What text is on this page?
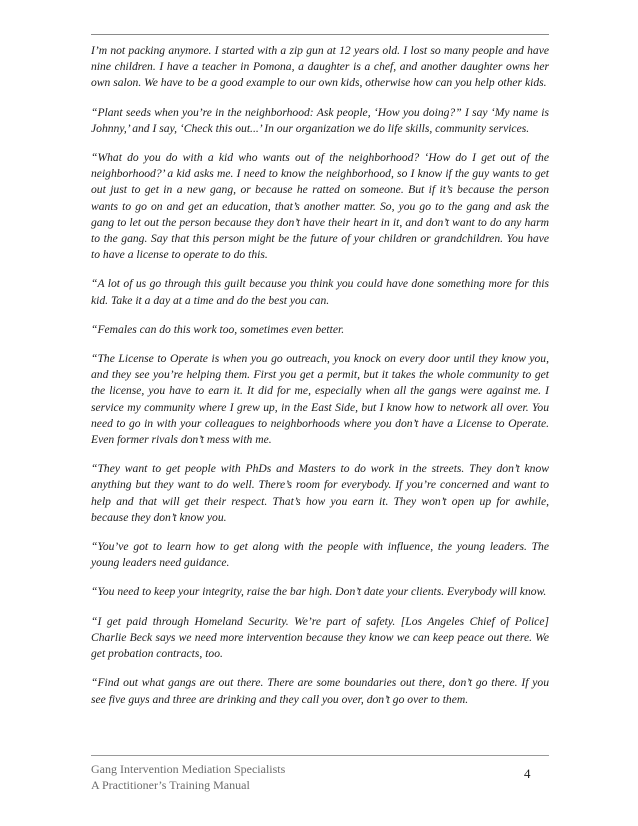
I’m not packing anymore. I started with a zip gun at 12 years old. I lost so many people and have nine children. I have a teacher in Pomona, a daughter is a chef, and another daughter owns her own salon. We have to be a good example to our own kids, otherwise how can you help other kids.

“Plant seeds when you’re in the neighborhood: Ask people, ‘How you doing?” I say ‘My name is Johnny,’ and I say, ‘Check this out...’ In our organization we do life skills, community services.

“What do you do with a kid who wants out of the neighborhood? ‘How do I get out of the neighborhood?’ a kid asks me. I need to know the neighborhood, so I know if the guy wants to get out just to get in a new gang, or because he ratted on someone. But if it’s because the person wants to go on and get an education, that’s another matter. So, you go to the gang and ask the gang to let out the person because they don’t have their heart in it, and don’t want to do any harm to the gang. Say that this person might be the future of your children or grandchildren. You have to have a license to operate to do this.

“A lot of us go through this guilt because you think you could have done something more for this kid. Take it a day at a time and do the best you can.

“Females can do this work too, sometimes even better.

“The License to Operate is when you go outreach, you knock on every door until they know you, and they see you’re helping them. First you get a permit, but it takes the whole community to get the license, you have to earn it. It did for me, especially when all the gangs were against me. I service my community where I grew up, in the East Side, but I know how to network all over. You need to go in with your colleagues to neighborhoods where you don’t have a License to Operate. Even former rivals don’t mess with me.

“They want to get people with PhDs and Masters to do work in the streets. They don’t know anything but they want to do well. There’s room for everybody. If you’re concerned and want to help and that will get their respect. That’s how you earn it. They won’t open up for awhile, because they don’t know you.

“You’ve got to learn how to get along with the people with influence, the young leaders. The young leaders need guidance.

“You need to keep your integrity, raise the bar high. Don’t date your clients. Everybody will know.

“I get paid through Homeland Security. We’re part of safety. [Los Angeles Chief of Police] Charlie Beck says we need more intervention because they know we can keep peace out there. We get probation contracts, too.

“Find out what gangs are out there. There are some boundaries out there, don’t go there. If you see five guys and three are drinking and they call you over, don’t go over to them.

Gang Intervention Mediation Specialists
A Practitioner’s Training Manual
4
